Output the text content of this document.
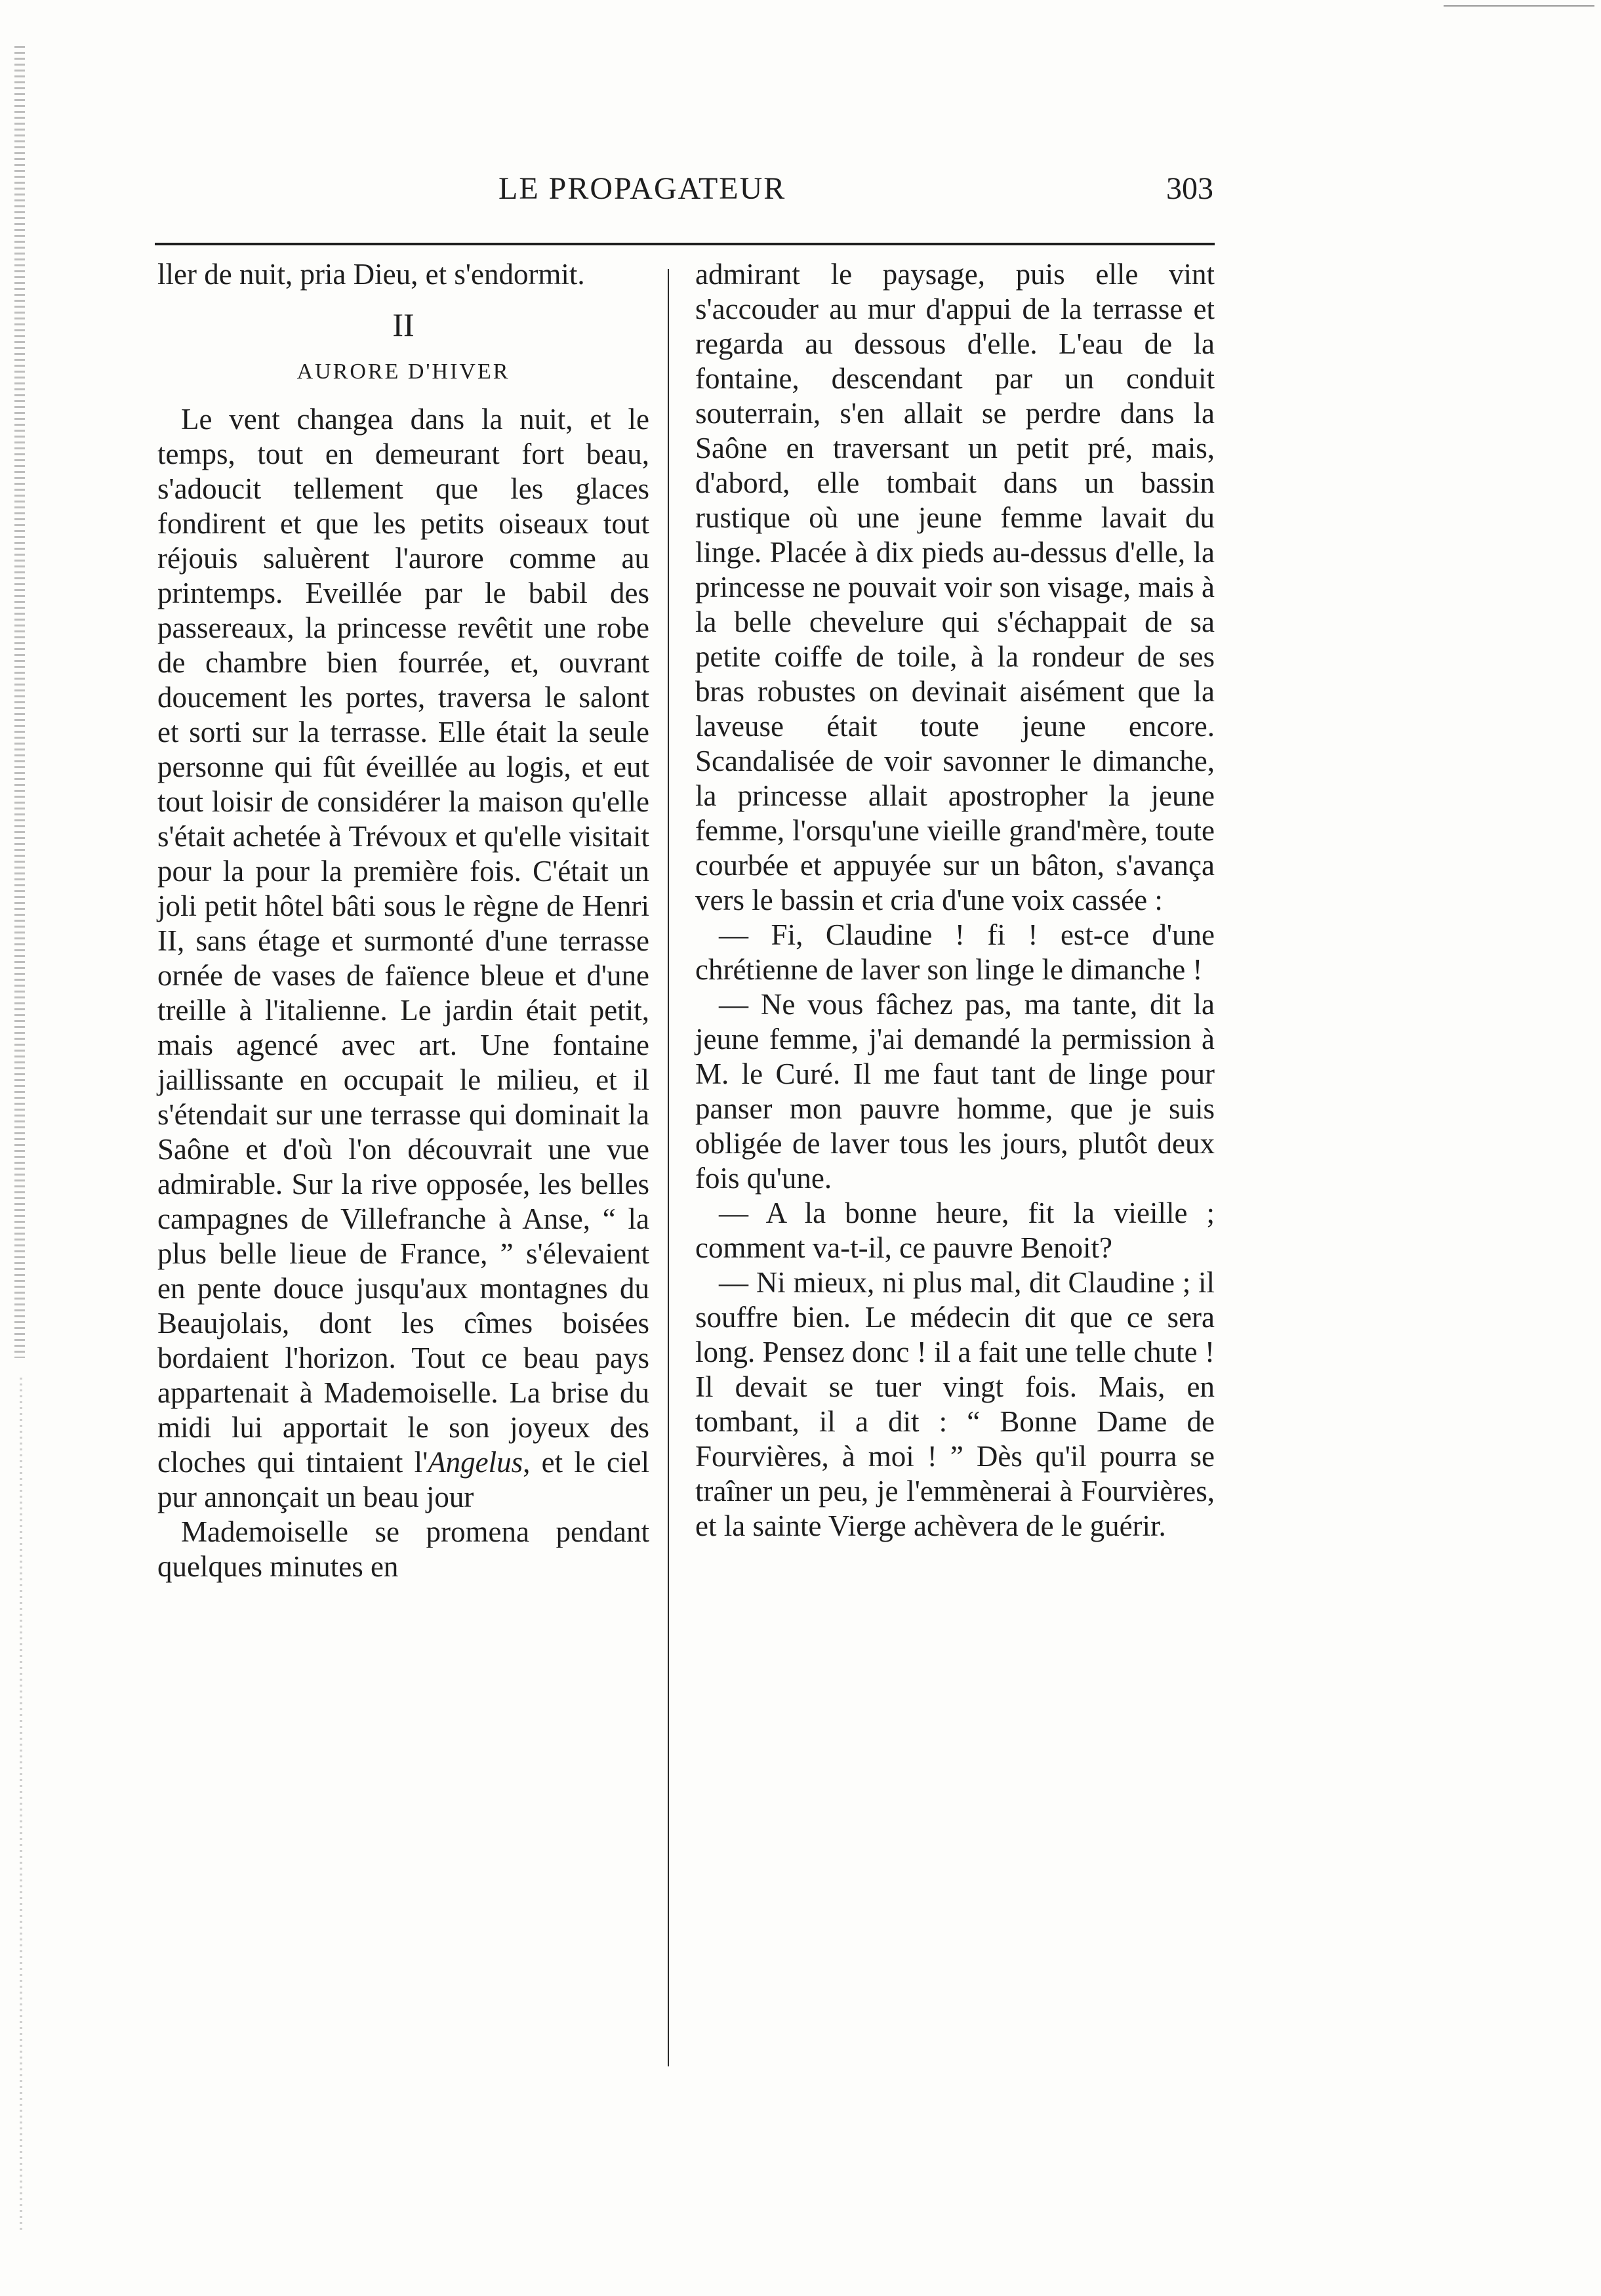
LE PROPAGATEUR	303

ller de nuit, pria Dieu, et s'endormit.

II
AURORE D'HIVER

Le vent changea dans la nuit, et le temps, tout en demeurant fort beau, s'adoucit tellement que les glaces fondirent et que les petits oiseaux tout réjouis saluèrent l'aurore comme au printemps. Eveillée par le babil des passereaux, la princesse revêtit une robe de chambre bien fourrée, et, ouvrant doucement les portes, traversa le salont et sorti sur la terrasse. Elle était la seule personne qui fût éveillée au logis, et eut tout loisir de considérer la maison qu'elle s'était achetée à Trévoux et qu'elle visitait pour la pour la première fois. C'était un joli petit hôtel bâti sous le règne de Henri II, sans étage et surmonté d'une terrasse ornée de vases de faïence bleue et d'une treille à l'italienne. Le jardin était petit, mais agencé avec art. Une fontaine jaillissante en occupait le milieu, et il s'étendait sur une terrasse qui dominait la Saône et d'où l'on découvrait une vue admirable. Sur la rive opposée, les belles campagnes de Villefranche à Anse, “ la plus belle lieue de France, ” s'élevaient en pente douce jusqu'aux montagnes du Beaujolais, dont les cîmes boisées bordaient l'horizon. Tout ce beau pays appartenait à Mademoiselle. La brise du midi lui apportait le son joyeux des cloches qui tintaient l'Angelus, et le ciel pur annonçait un beau jour

Mademoiselle se promena pendant quelques minutes en

admirant le paysage, puis elle vint s'accouder au mur d'appui de la terrasse et regarda au dessous d'elle. L'eau de la fontaine, descendant par un conduit souterrain, s'en allait se perdre dans la Saône en traversant un petit pré, mais, d'abord, elle tombait dans un bassin rustique où une jeune femme lavait du linge. Placée à dix pieds au-dessus d'elle, la princesse ne pouvait voir son visage, mais à la belle chevelure qui s'échappait de sa petite coiffe de toile, à la rondeur de ses bras robustes on devinait aisément que la laveuse était toute jeune encore. Scandalisée de voir savonner le dimanche, la princesse allait apostropher la jeune femme, l'orsqu'une vieille grand'mère, toute courbée et appuyée sur un bâton, s'avança vers le bassin et cria d'une voix cassée :

— Fi, Claudine ! fi ! est-ce d'une chrétienne de laver son linge le dimanche !

— Ne vous fâchez pas, ma tante, dit la jeune femme, j'ai demandé la permission à M. le Curé. Il me faut tant de linge pour panser mon pauvre homme, que je suis obligée de laver tous les jours, plutôt deux fois qu'une.

— A la bonne heure, fit la vieille ; comment va-t-il, ce pauvre Benoit?

— Ni mieux, ni plus mal, dit Claudine ; il souffre bien. Le médecin dit que ce sera long. Pensez donc ! il a fait une telle chute ! Il devait se tuer vingt fois. Mais, en tombant, il a dit : “ Bonne Dame de Fourvières, à moi ! ” Dès qu'il pourra se traîner un peu, je l'emmènerai à Fourvières, et la sainte Vierge achèvera de le guérir.
